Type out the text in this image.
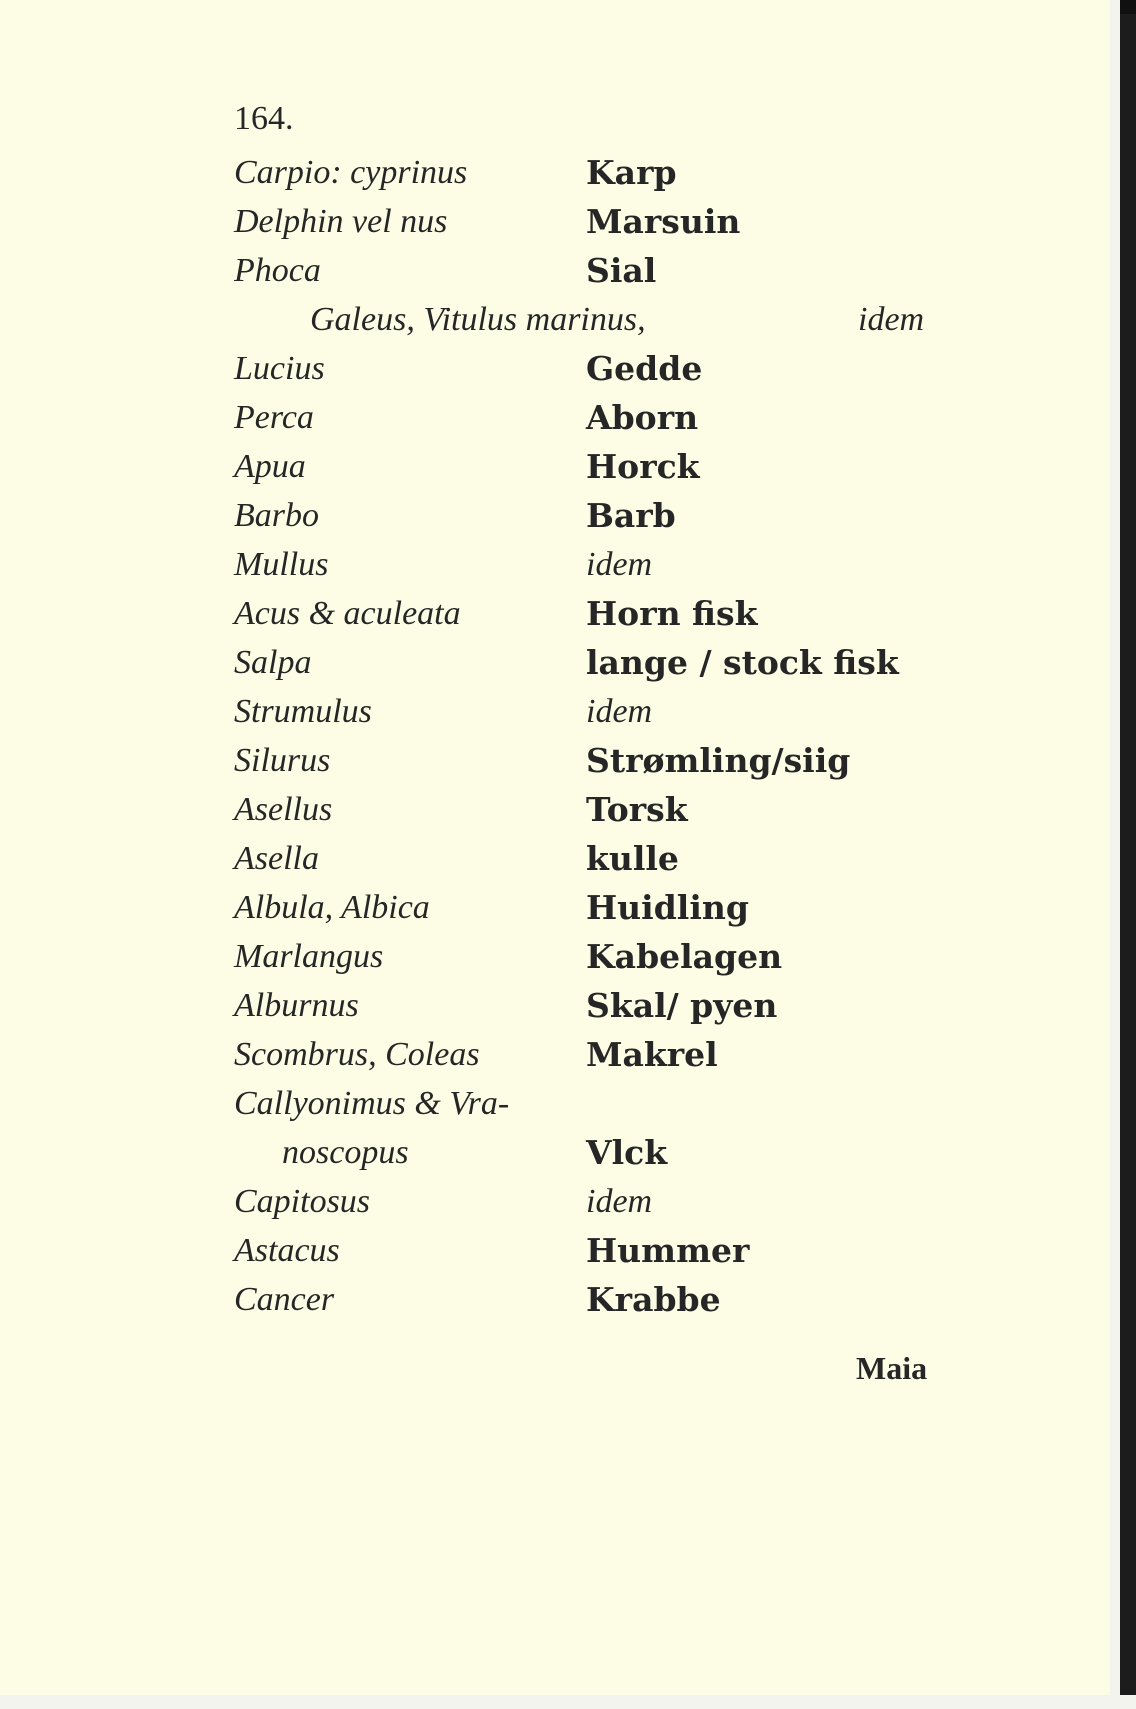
164.
Carpio: cyprinus	Karp
Delphin vel nus	Marsuin
Phoca	Sial
Galeus, Vitulus marinus,	idem
Lucius	Gedde
Perca	Aborn
Apua	Horck
Barbo	Barb
Mullus	idem
Acus & aculeata	Horn fisk
Salpa	lange / stock fisk
Strumulus	idem
Silurus	Strømling/siig
Asellus	Torsk
Asella	kulle
Albula, Albica	Huidling
Marlangus	Kabelagen
Alburnus	Skal/ pyen
Scombrus, Coleas	Makrel
Callyonimus & Vra-
noscopus	Vlck
Capitosus	idem
Astacus	Hummer
Cancer	Krabbe
Maia
